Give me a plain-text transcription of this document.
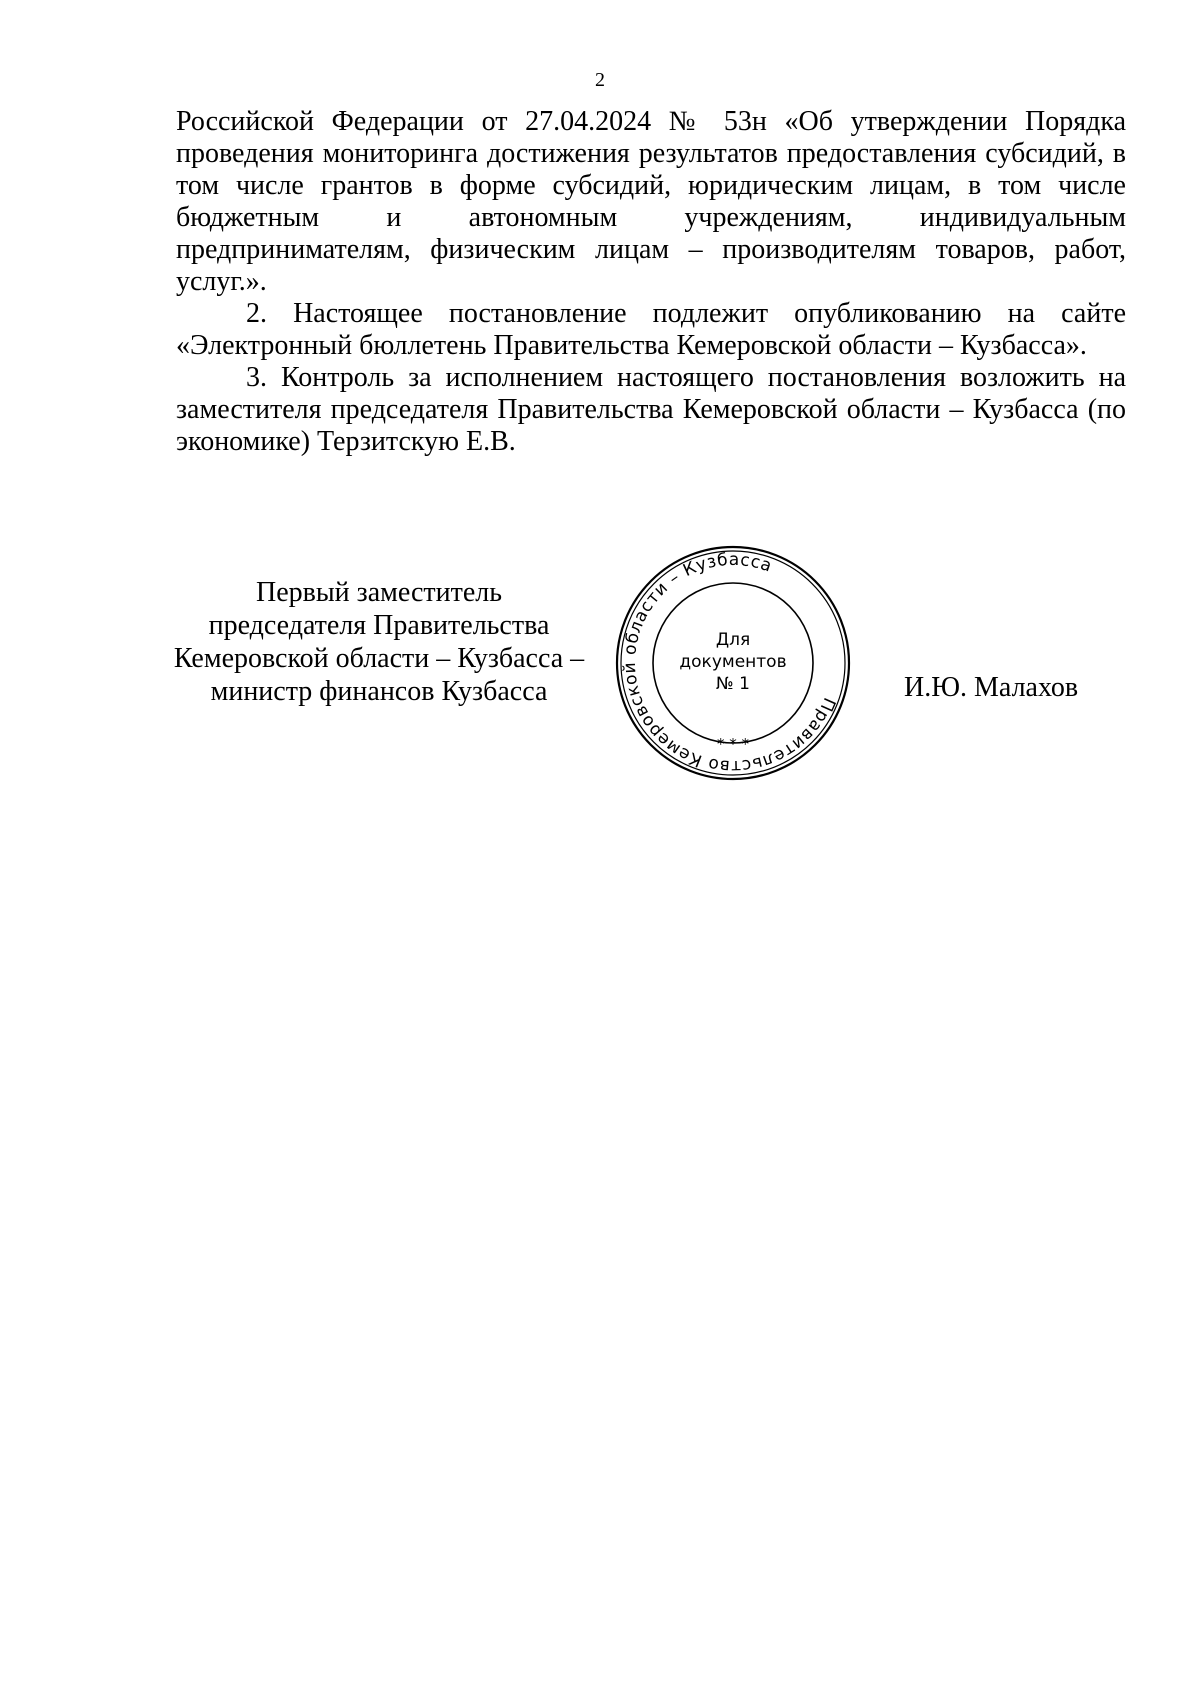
2

Российской Федерации от 27.04.2024 № 53н «Об утверждении Порядка проведения мониторинга достижения результатов предоставления субсидий, в том числе грантов в форме субсидий, юридическим лицам, в том числе бюджетным и автономным учреждениям, индивидуальным предпринимателям, физическим лицам – производителям товаров, работ, услуг.».

2. Настоящее постановление подлежит опубликованию на сайте «Электронный бюллетень Правительства Кемеровской области – Кузбасса».

3. Контроль за исполнением настоящего постановления возложить на заместителя председателя Правительства Кемеровской области – Кузбасса (по экономике) Терзитскую Е.В.

Первый заместитель
председателя Правительства
Кемеровской области – Кузбасса –
министр финансов Кузбасса	Правительство Кемеровской области – Кузбасса
* * *
Для
документов
№ 1	И.Ю. Малахов
